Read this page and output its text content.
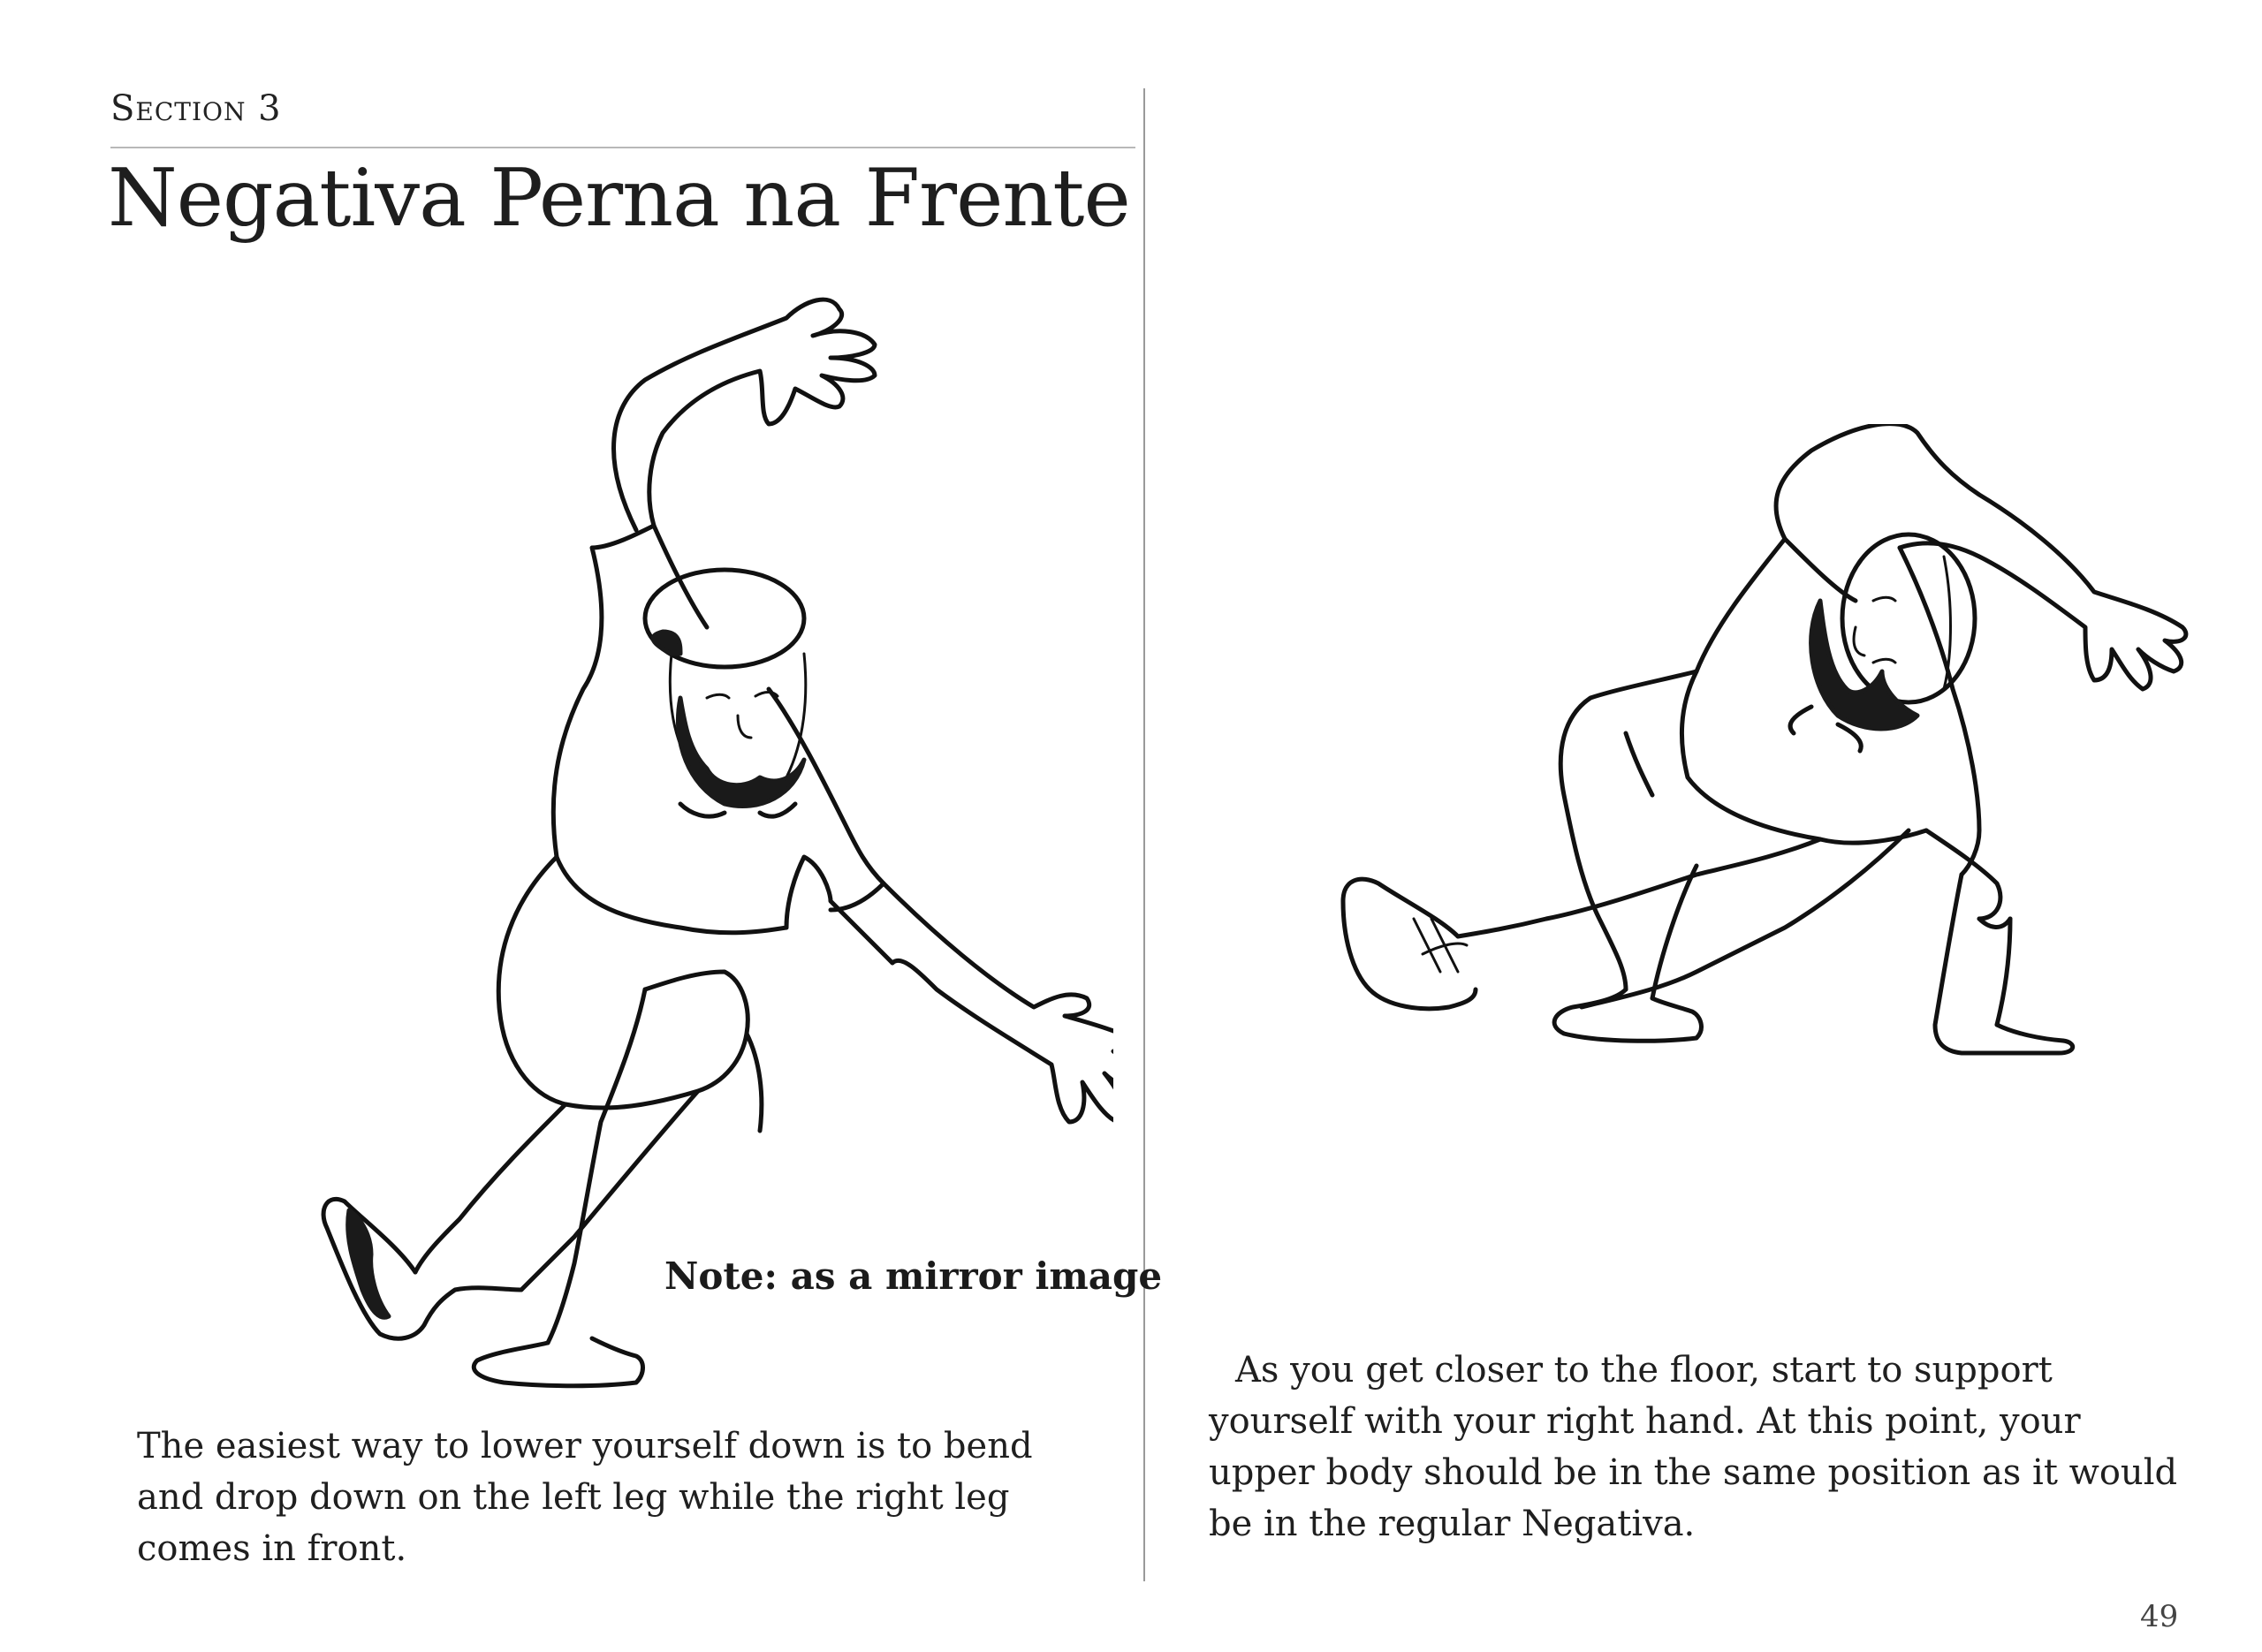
Section 3
Negativa Perna na Frente
Note: as a mirror image

The easiest way to lower yourself down is to bend and drop down on the left leg while the right leg comes in front.

As you get closer to the floor, start to support yourself with your right hand. At this point, your upper body should be in the same position as it would be in the regular Negativa.

49
